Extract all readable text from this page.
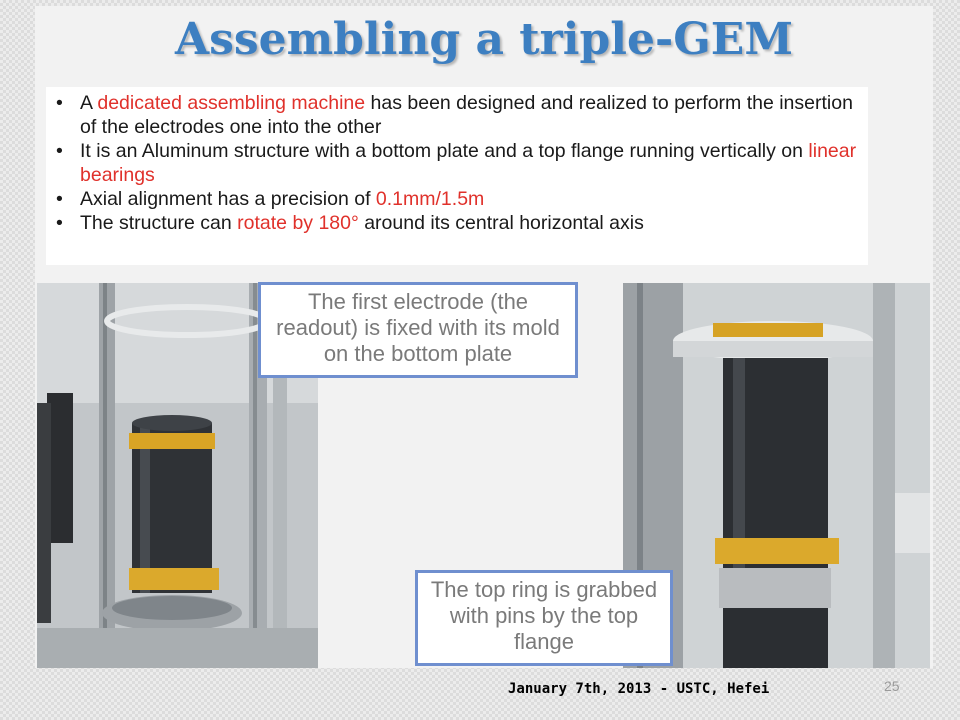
Assembling a triple-GEM
• A dedicated assembling machine has been designed and realized to perform the insertion of the electrodes one into the other
• It is an Aluminum structure with a bottom plate and a top flange running vertically on linear bearings
• Axial alignment has a precision of 0.1mm/1.5m
• The structure can rotate by 180° around its central horizontal axis
The first electrode (the readout) is fixed with its mold on the bottom plate
The top ring is grabbed with pins by the top flange
January 7th, 2013 - USTC, Hefei	25
